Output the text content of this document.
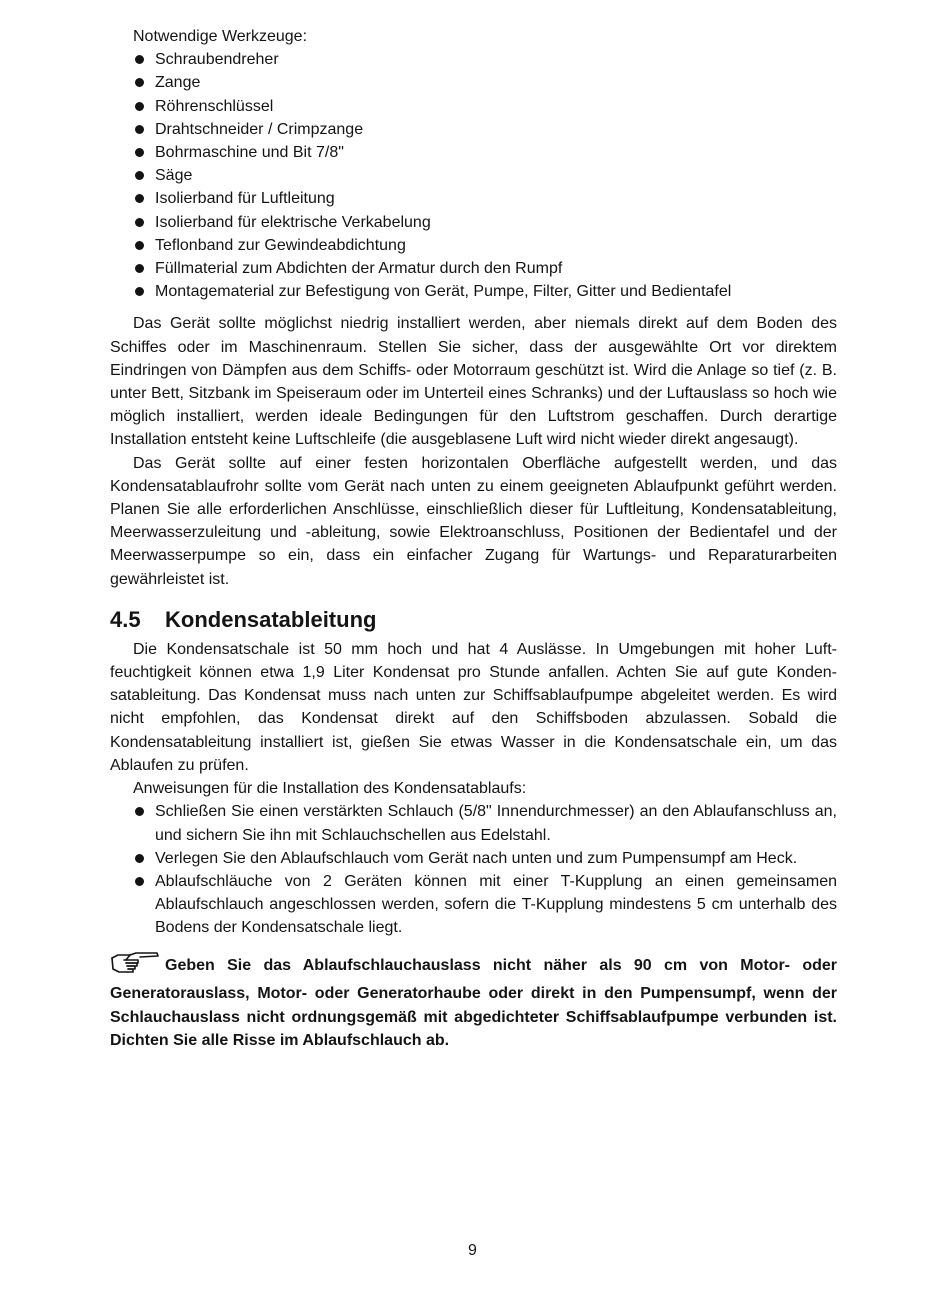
Notwendige Werkzeuge:

Schraubendreher
Zange
Röhrenschlüssel
Drahtschneider / Crimpzange
Bohrmaschine und Bit 7/8"
Säge
Isolierband für Luftleitung
Isolierband für elektrische Verkabelung
Teflonband zur Gewindeabdichtung
Füllmaterial zum Abdichten der Armatur durch den Rumpf
Montagematerial zur Befestigung von Gerät, Pumpe, Filter, Gitter und Bedientafel

Das Gerät sollte möglichst niedrig installiert werden, aber niemals direkt auf dem Boden des Schiffes oder im Maschinenraum. Stellen Sie sicher, dass der ausgewählte Ort vor direktem Eindringen von Dämpfen aus dem Schiffs- oder Motorraum geschützt ist. Wird die Anlage so tief (z. B. unter Bett, Sitzbank im Speiseraum oder im Unterteil eines Schranks) und der Luftauslass so hoch wie möglich installiert, werden ideale Bedingungen für den Luftstrom geschaffen. Durch derartige Installation entsteht keine Luftschleife (die ausgeblasene Luft wird nicht wieder direkt angesaugt).

Das Gerät sollte auf einer festen horizontalen Oberfläche aufgestellt werden, und das Kondensatablaufrohr sollte vom Gerät nach unten zu einem geeigneten Ablaufpunkt geführt werden. Planen Sie alle erforderlichen Anschlüsse, einschließlich dieser für Luftleitung, Kondensatableitung, Meerwasserzuleitung und -ableitung, sowie Elektroanschluss, Positionen der Bedientafel und der Meerwasserpumpe so ein, dass ein einfacher Zugang für Wartungs- und Reparaturarbeiten gewährleistet ist.

4.5	Kondensatableitung

Die Kondensatschale ist 50 mm hoch und hat 4 Auslässe. In Umgebungen mit hoher Luftfeuchtigkeit können etwa 1,9 Liter Kondensat pro Stunde anfallen. Achten Sie auf gute Kondensatableitung. Das Kondensat muss nach unten zur Schiffsablaufpumpe abgeleitet werden. Es wird nicht empfohlen, das Kondensat direkt auf den Schiffsboden abzulassen. Sobald die Kondensatableitung installiert ist, gießen Sie etwas Wasser in die Kondensatschale ein, um das Ablaufen zu prüfen.

Anweisungen für die Installation des Kondensatablaufs:

Schließen Sie einen verstärkten Schlauch (5/8" Innendurchmesser) an den Ablaufanschluss an, und sichern Sie ihn mit Schlauchschellen aus Edelstahl.
Verlegen Sie den Ablaufschlauch vom Gerät nach unten und zum Pumpensumpf am Heck.
Ablaufschläuche von 2 Geräten können mit einer T-Kupplung an einen gemeinsamen Ablaufschlauch angeschlossen werden, sofern die T-Kupplung mindestens 5 cm unterhalb des Bodens der Kondensatschale liegt.
Geben Sie das Ablaufschlauchauslass nicht näher als 90 cm von Motor- oder Generatorauslass, Motor- oder Generatorhaube oder direkt in den Pumpensumpf, wenn der Schlauchauslass nicht ordnungsgemäß mit abgedichteter Schiffsablaufpumpe verbunden ist. Dichten Sie alle Risse im Ablaufschlauch ab.
9
